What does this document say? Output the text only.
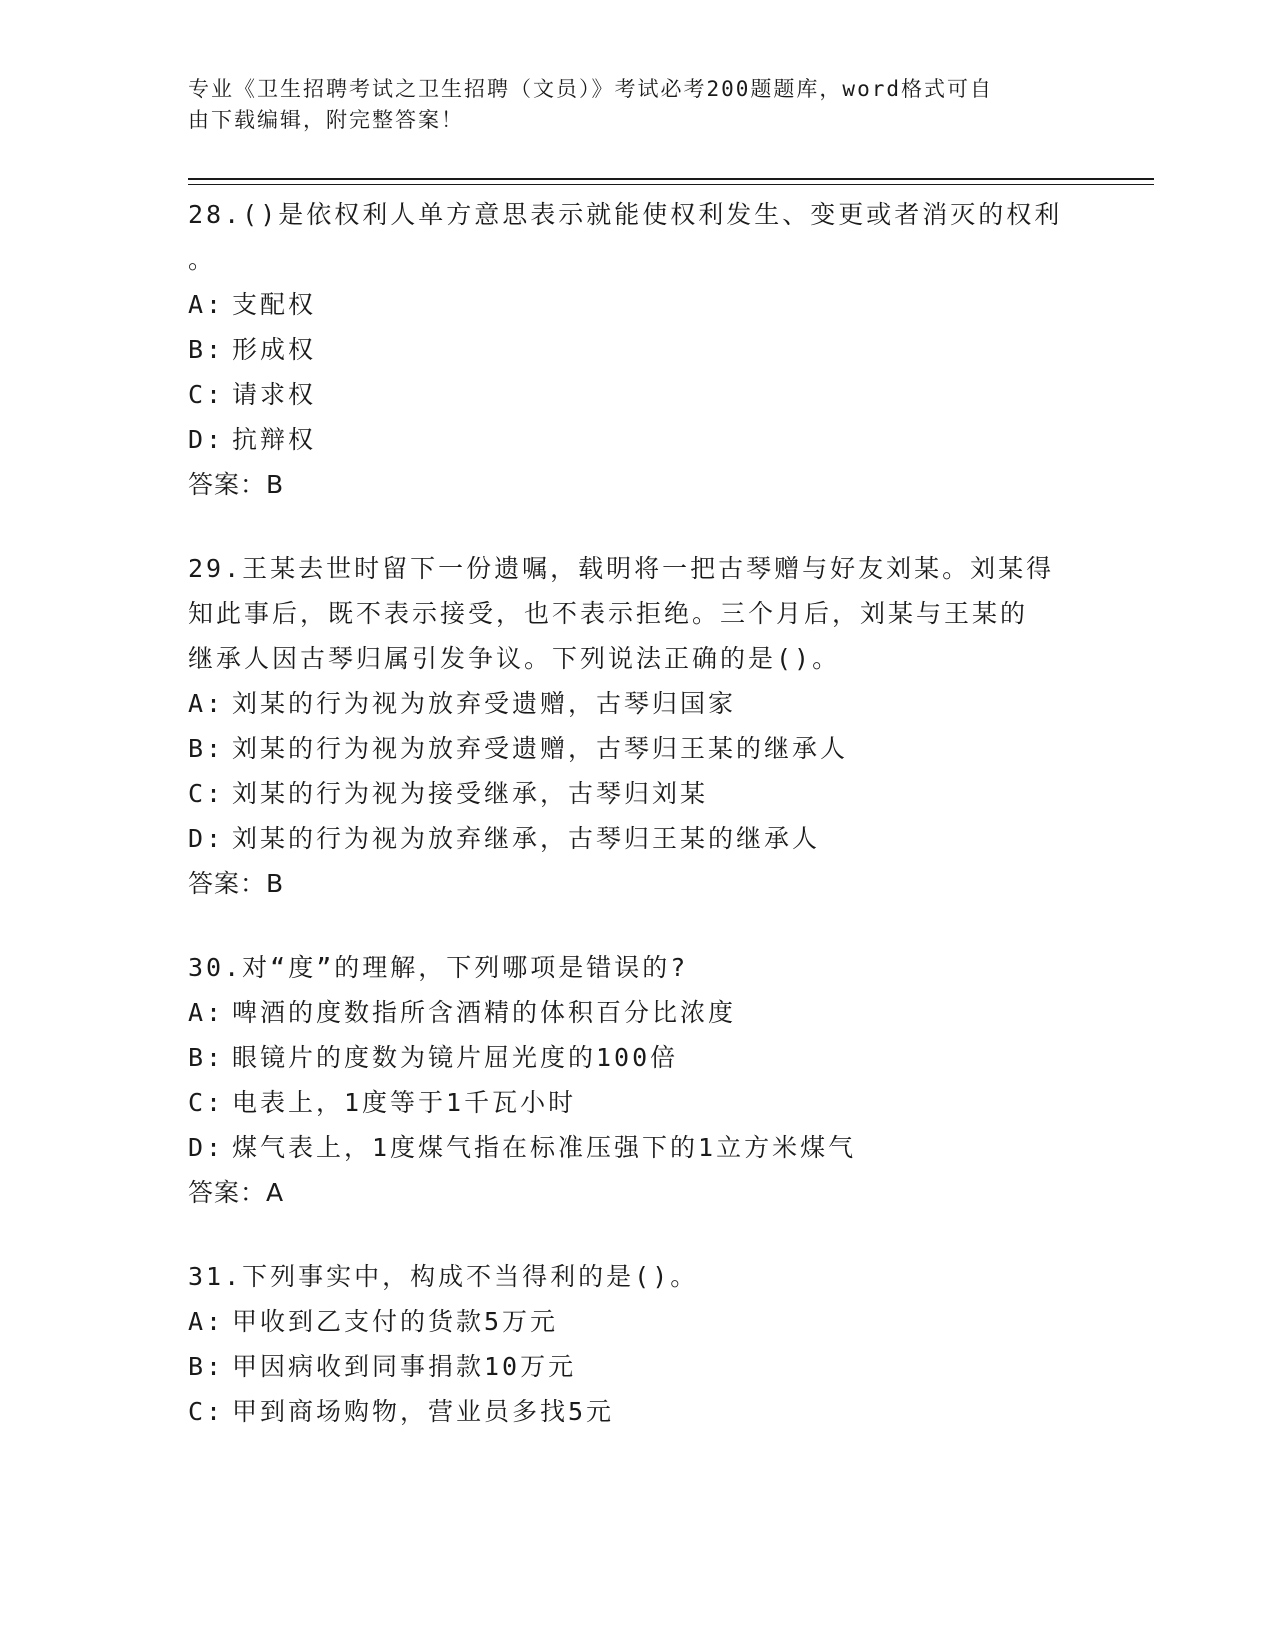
专业《卫生招聘考试之卫生招聘（文员）》考试必考200题题库，word格式可自
由下载编辑，附完整答案！
28.()是依权利人单方意思表示就能使权利发生、变更或者消灭的权利
。
A: 支配权
B: 形成权
C: 请求权
D: 抗辩权
答案：B
29.王某去世时留下一份遗嘱，载明将一把古琴赠与好友刘某。刘某得
知此事后，既不表示接受，也不表示拒绝。三个月后，刘某与王某的
继承人因古琴归属引发争议。下列说法正确的是()。
A: 刘某的行为视为放弃受遗赠，古琴归国家
B: 刘某的行为视为放弃受遗赠，古琴归王某的继承人
C: 刘某的行为视为接受继承，古琴归刘某
D: 刘某的行为视为放弃继承，古琴归王某的继承人
答案：B
30.对“度”的理解，下列哪项是错误的?
A: 啤酒的度数指所含酒精的体积百分比浓度
B: 眼镜片的度数为镜片屈光度的100倍
C: 电表上，1度等于1千瓦小时
D: 煤气表上，1度煤气指在标准压强下的1立方米煤气
答案：A
31.下列事实中，构成不当得利的是()。
A: 甲收到乙支付的货款5万元
B: 甲因病收到同事捐款10万元
C: 甲到商场购物，营业员多找5元
